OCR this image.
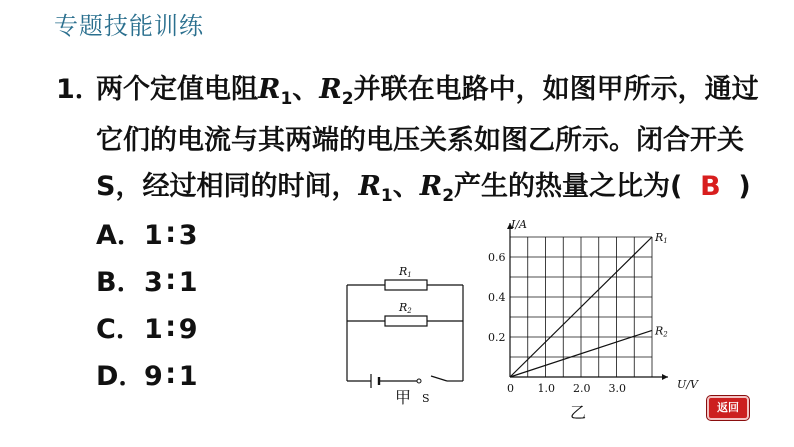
专题技能训练
1．
两个定值电阻$R_1$、$R_2$并联在电路中，如图甲所示，通过
它们的电流与其两端的电压关系如图乙所示。闭合开关
S，经过相同的时间，$R_1$、$R_2$产生的热量之比为( B )
A．1∶3
B．3∶1
C．1∶9
D．9∶1
R1
R2
S
甲	0 1.0 2.0 3.0
0.2
0.4
0.6
R1
R2
I/A
U/V
乙	返回
